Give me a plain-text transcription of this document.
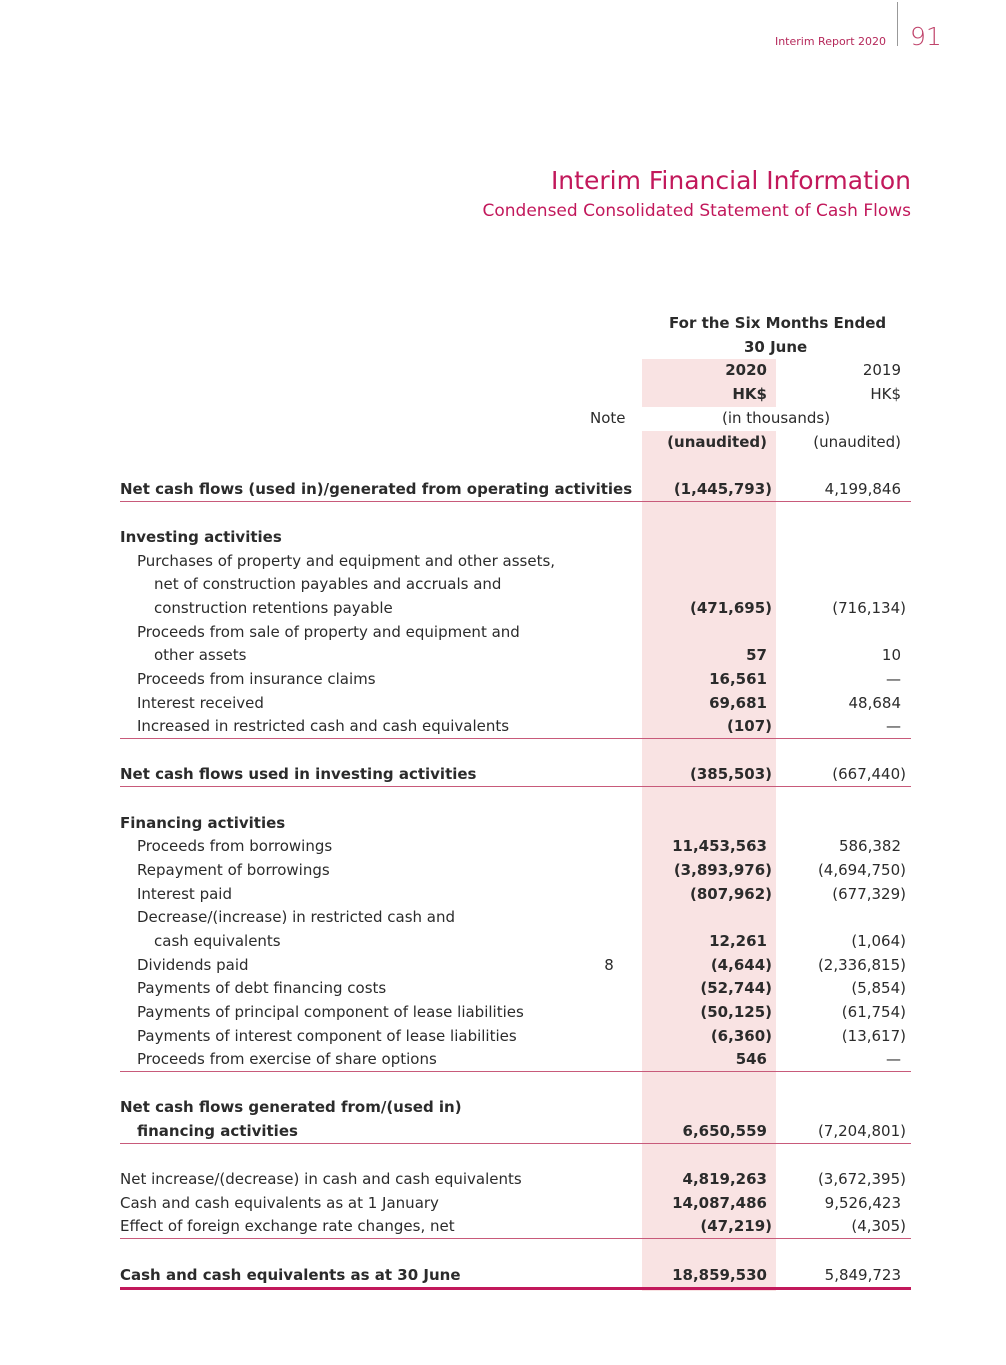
Interim Report 2020 91
Interim Financial Information
Condensed Consolidated Statement of Cash Flows
For the Six Months Ended
30 June
2020	2019
HK$	HK$
Note	(in thousands)
(unaudited)	(unaudited)
Net cash flows (used in)/generated from operating activities	(1,445,793)	4,199,846
Investing activities
Purchases of property and equipment and other assets,
net of construction payables and accruals and
construction retentions payable	(471,695)	(716,134)
Proceeds from sale of property and equipment and
other assets	57	10
Proceeds from insurance claims	16,561	—
Interest received	69,681	48,684
Increased in restricted cash and cash equivalents	(107)	—
Net cash flows used in investing activities	(385,503)	(667,440)
Financing activities
Proceeds from borrowings	11,453,563	586,382
Repayment of borrowings	(3,893,976)	(4,694,750)
Interest paid	(807,962)	(677,329)
Decrease/(increase) in restricted cash and
cash equivalents	12,261	(1,064)
Dividends paid	8	(4,644)	(2,336,815)
Payments of debt financing costs	(52,744)	(5,854)
Payments of principal component of lease liabilities	(50,125)	(61,754)
Payments of interest component of lease liabilities	(6,360)	(13,617)
Proceeds from exercise of share options	546	—
Net cash flows generated from/(used in)
financing activities	6,650,559	(7,204,801)
Net increase/(decrease) in cash and cash equivalents	4,819,263	(3,672,395)
Cash and cash equivalents as at 1 January	14,087,486	9,526,423
Effect of foreign exchange rate changes, net	(47,219)	(4,305)
Cash and cash equivalents as at 30 June	18,859,530	5,849,723
